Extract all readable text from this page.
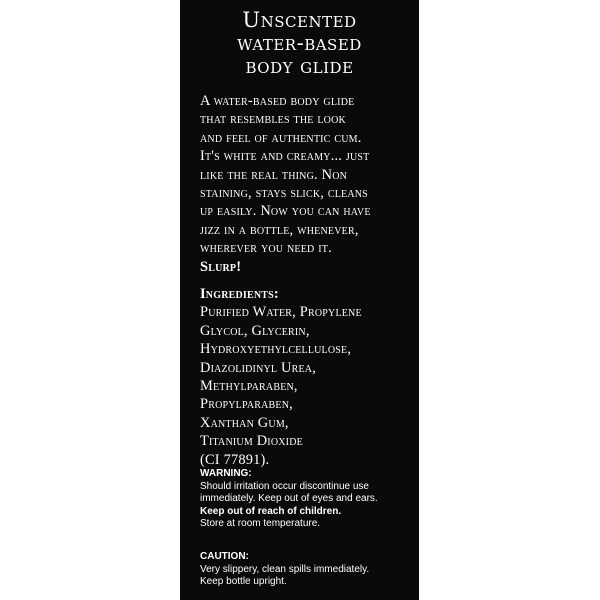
Unscented
water-based
body glide
A water-based body glide
that resembles the look
and feel of authentic cum.
It's white and creamy... just
like the real thing. Non
staining, stays slick, cleans
up easily. Now you can have
jizz in a bottle, whenever,
wherever you need it.
Slurp!
Ingredients:
Purified Water, Propylene
Glycol, Glycerin,
Hydroxyethylcellulose,
Diazolidinyl Urea,
Methylparaben,
Propylparaben,
Xanthan Gum,
Titanium Dioxide
(CI 77891).
WARNING:
Should irritation occur discontinue use
immediately. Keep out of eyes and ears.
Keep out of reach of children.
Store at room temperature.
CAUTION:
Very slippery, clean spills immediately.
Keep bottle upright.
